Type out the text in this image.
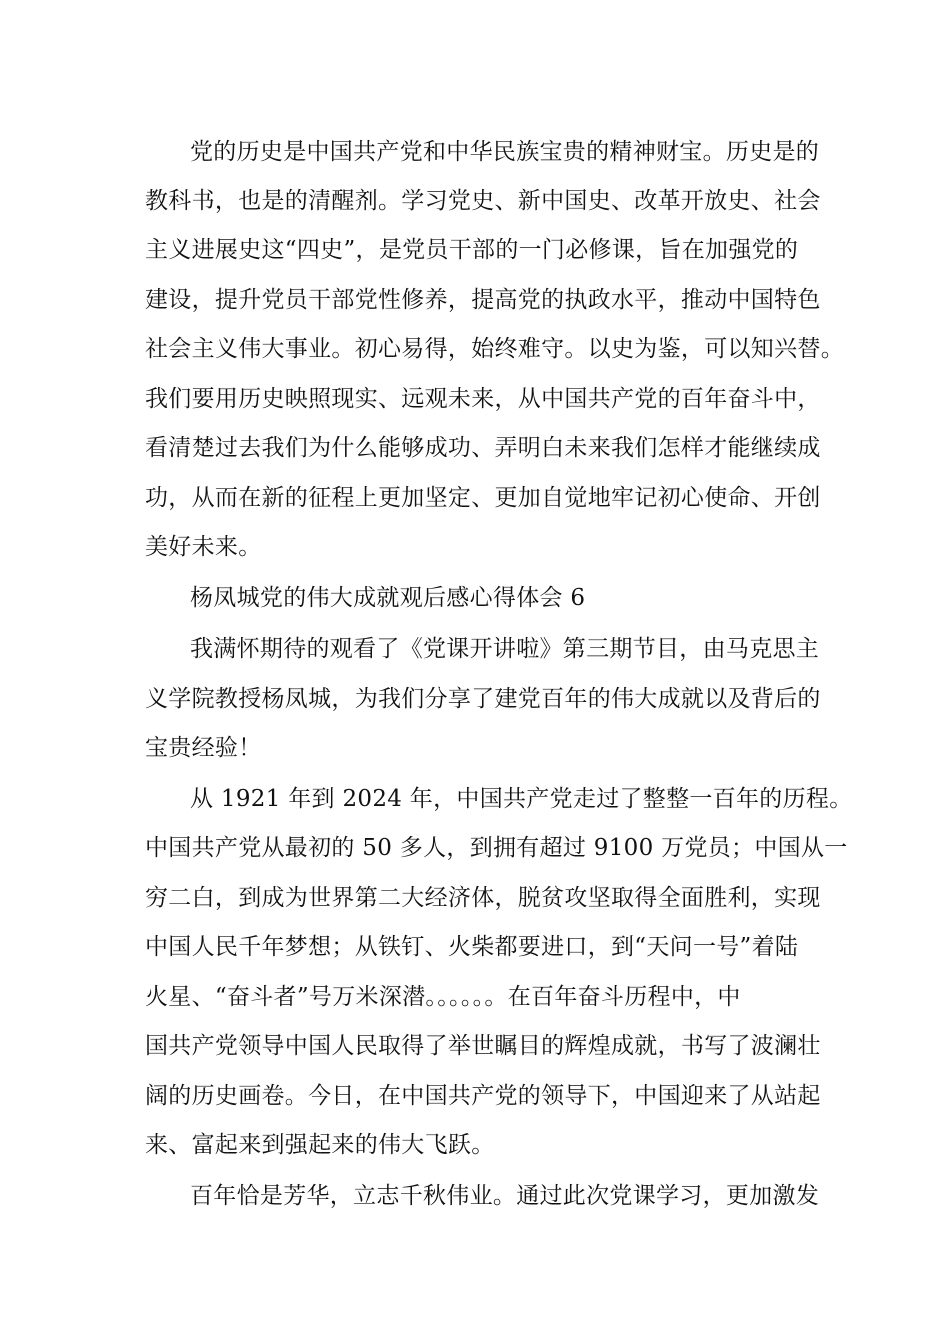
党的历史是中国共产党和中华民族宝贵的精神财宝。历史是的
教科书，也是的清醒剂。学习党史、新中国史、改革开放史、社会
主义进展史这“四史”，是党员干部的一门必修课，旨在加强党的
建设，提升党员干部党性修养，提高党的执政水平，推动中国特色
社会主义伟大事业。初心易得，始终难守。以史为鉴，可以知兴替。
我们要用历史映照现实、远观未来，从中国共产党的百年奋斗中，
看清楚过去我们为什么能够成功、弄明白未来我们怎样才能继续成
功，从而在新的征程上更加坚定、更加自觉地牢记初心使命、开创
美好未来。
杨凤城党的伟大成就观后感心得体会 6
我满怀期待的观看了《党课开讲啦》第三期节目，由马克思主
义学院教授杨凤城，为我们分享了建党百年的伟大成就以及背后的
宝贵经验！
从 1921 年到 2024 年，中国共产党走过了整整一百年的历程。
中国共产党从最初的 50 多人，到拥有超过 9100 万党员；中国从一
穷二白，到成为世界第二大经济体，脱贫攻坚取得全面胜利，实现
中国人民千年梦想；从铁钉、火柴都要进口，到“天问一号”着陆
火星、“奋斗者”号万米深潜。。。。。。在百年奋斗历程中，中
国共产党领导中国人民取得了举世瞩目的辉煌成就，书写了波澜壮
阔的历史画卷。今日，在中国共产党的领导下，中国迎来了从站起
来、富起来到强起来的伟大飞跃。
百年恰是芳华，立志千秋伟业。通过此次党课学习，更加激发
